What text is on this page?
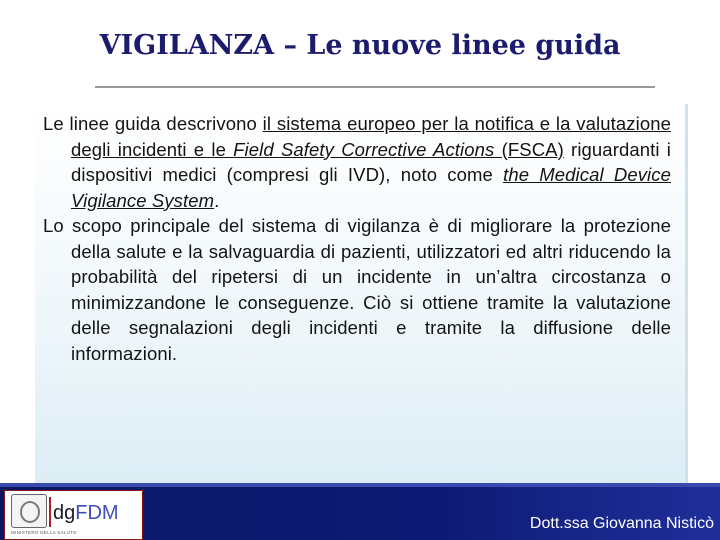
VIGILANZA – Le nuove linee guida

Le linee guida descrivono il sistema europeo per la notifica e la valutazione degli incidenti e le Field Safety Corrective Actions (FSCA) riguardanti i dispositivi medici (compresi gli IVD), noto come the Medical Device Vigilance System.

Lo scopo principale del sistema di vigilanza è di migliorare la protezione della salute e la salvaguardia di pazienti, utilizzatori ed altri riducendo la probabilità del ripetersi di un incidente in un’altra circostanza o minimizzandone le conseguenze. Ciò si ottiene tramite la valutazione delle segnalazioni degli incidenti e tramite la diffusione delle informazioni.

dgFDM
MINISTERO DELLA SALUTE
Dott.ssa Giovanna Nisticò
